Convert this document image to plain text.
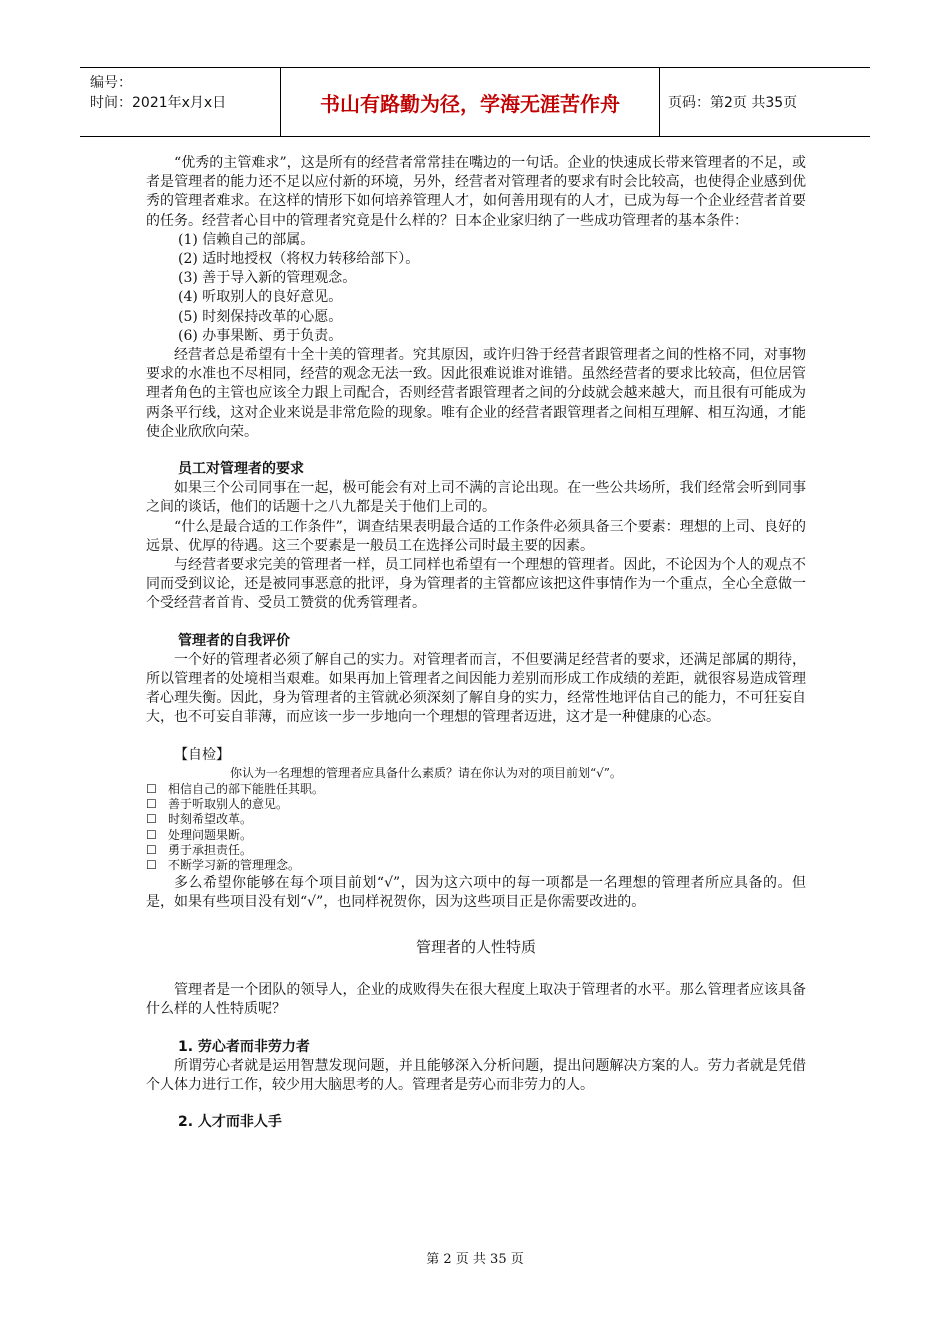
编号：
时间：2021年x月x日	书山有路勤为径，学海无涯苦作舟	页码：第2页 共35页

“优秀的主管难求”，这是所有的经营者常常挂在嘴边的一句话。企业的快速成长带来管理者的不足，或者是管理者的能力还不足以应付新的环境，另外，经营者对管理者的要求有时会比较高，也使得企业感到优秀的管理者难求。在这样的情形下如何培养管理人才，如何善用现有的人才，已成为每一个企业经营者首要的任务。经营者心目中的管理者究竟是什么样的？日本企业家归纳了一些成功管理者的基本条件：

(1) 信赖自己的部属。
(2) 适时地授权（将权力转移给部下）。
(3) 善于导入新的管理观念。
(4) 听取别人的良好意见。
(5) 时刻保持改革的心愿。
(6) 办事果断、勇于负责。

经营者总是希望有十全十美的管理者。究其原因，或许归咎于经营者跟管理者之间的性格不同，对事物要求的水准也不尽相同，经营的观念无法一致。因此很难说谁对谁错。虽然经营者的要求比较高，但位居管理者角色的主管也应该全力跟上司配合，否则经营者跟管理者之间的分歧就会越来越大，而且很有可能成为两条平行线，这对企业来说是非常危险的现象。唯有企业的经营者跟管理者之间相互理解、相互沟通，才能使企业欣欣向荣。

员工对管理者的要求

如果三个公司同事在一起，极可能会有对上司不满的言论出现。在一些公共场所，我们经常会听到同事之间的谈话，他们的话题十之八九都是关于他们上司的。

“什么是最合适的工作条件”，调查结果表明最合适的工作条件必须具备三个要素：理想的上司、良好的远景、优厚的待遇。这三个要素是一般员工在选择公司时最主要的因素。

与经营者要求完美的管理者一样，员工同样也希望有一个理想的管理者。因此，不论因为个人的观点不同而受到议论，还是被同事恶意的批评，身为管理者的主管都应该把这件事情作为一个重点，全心全意做一个受经营者首肯、受员工赞赏的优秀管理者。

管理者的自我评价

一个好的管理者必须了解自己的实力。对管理者而言，不但要满足经营者的要求，还满足部属的期待，所以管理者的处境相当艰难。如果再加上管理者之间因能力差别而形成工作成绩的差距，就很容易造成管理者心理失衡。因此，身为管理者的主管就必须深刻了解自身的实力，经常性地评估自己的能力，不可狂妄自大，也不可妄自菲薄，而应该一步一步地向一个理想的管理者迈进，这才是一种健康的心态。

【自检】
你认为一名理想的管理者应具备什么素质？请在你认为对的项目前划“√”。
☐ 相信自己的部下能胜任其职。
☐ 善于听取别人的意见。
☐ 时刻希望改革。
☐ 处理问题果断。
☐ 勇于承担责任。
☐ 不断学习新的管理理念。

多么希望你能够在每个项目前划“√”，因为这六项中的每一项都是一名理想的管理者所应具备的。但是，如果有些项目没有划“√”，也同样祝贺你，因为这些项目正是你需要改进的。

管理者的人性特质

管理者是一个团队的领导人，企业的成败得失在很大程度上取决于管理者的水平。那么管理者应该具备什么样的人性特质呢？

1. 劳心者而非劳力者

所谓劳心者就是运用智慧发现问题，并且能够深入分析问题，提出问题解决方案的人。劳力者就是凭借个人体力进行工作，较少用大脑思考的人。管理者是劳心而非劳力的人。

2. 人才而非人手
第 2 页 共 35 页
